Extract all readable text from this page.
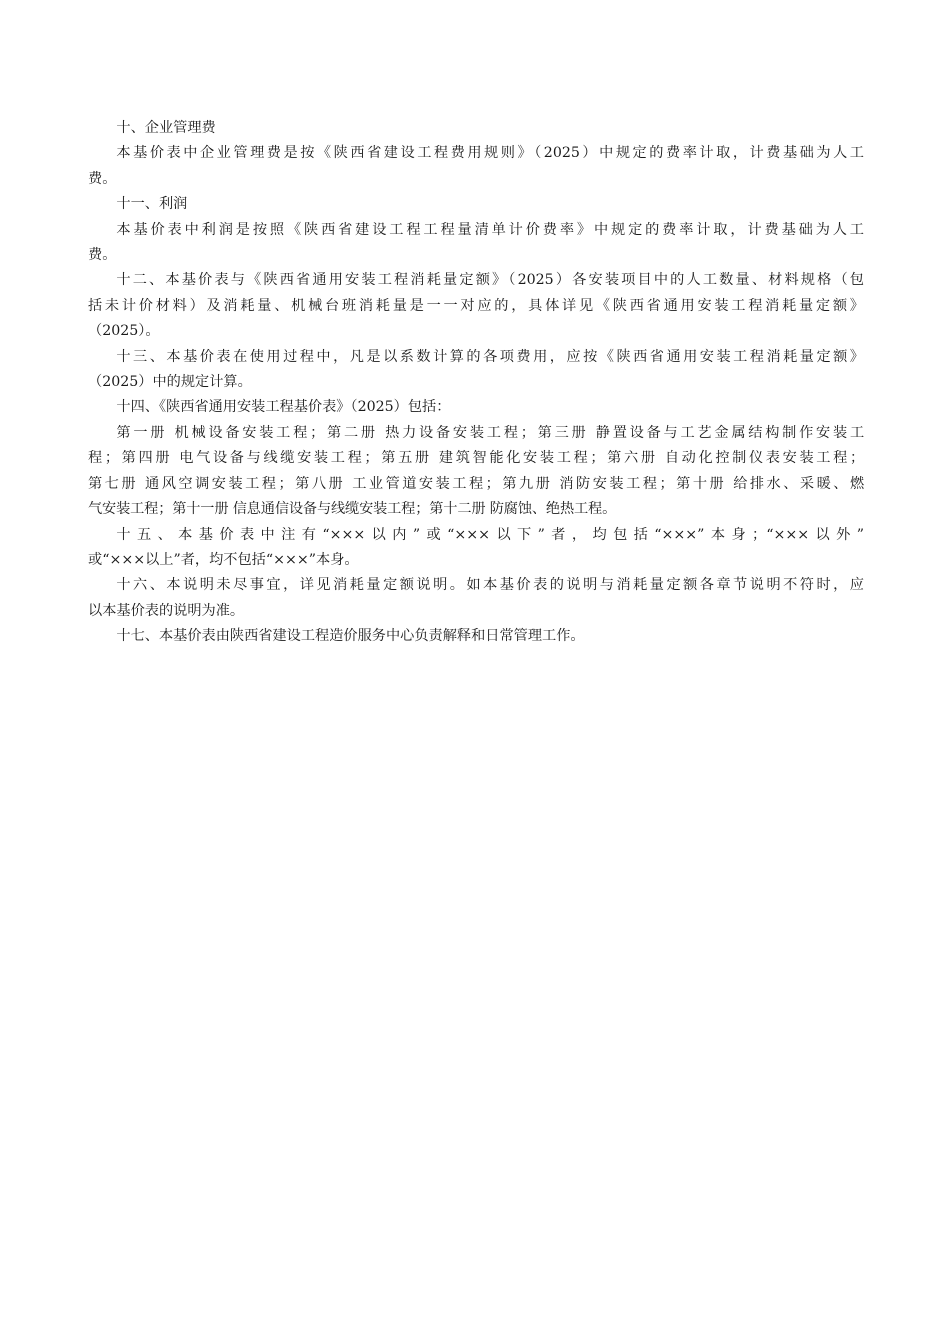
十、企业管理费

本基价表中企业管理费是按《陕西省建设工程费用规则》（2025）中规定的费率计取，计费基础为人工

费。

十一、利润

本基价表中利润是按照《陕西省建设工程工程量清单计价费率》中规定的费率计取，计费基础为人工

费。

十二、本基价表与《陕西省通用安装工程消耗量定额》（2025）各安装项目中的人工数量、材料规格（包

括未计价材料）及消耗量、机械台班消耗量是一一对应的，具体详见《陕西省通用安装工程消耗量定额》

（2025）。

十三、本基价表在使用过程中，凡是以系数计算的各项费用，应按《陕西省通用安装工程消耗量定额》

（2025）中的规定计算。

十四、《陕西省通用安装工程基价表》（2025）包括：

第一册 机械设备安装工程；第二册 热力设备安装工程；第三册 静置设备与工艺金属结构制作安装工

程；第四册 电气设备与线缆安装工程；第五册 建筑智能化安装工程；第六册 自动化控制仪表安装工程；

第七册 通风空调安装工程；第八册 工业管道安装工程；第九册 消防安装工程；第十册 给排水、采暖、燃

气安装工程；第十一册 信息通信设备与线缆安装工程；第十二册 防腐蚀、绝热工程。

十五、本基价表中注有“×××以内”或“×××以下”者，均包括“×××”本身；“×××以外”

或“×××以上”者，均不包括“×××”本身。

十六、本说明未尽事宜，详见消耗量定额说明。如本基价表的说明与消耗量定额各章节说明不符时，应

以本基价表的说明为准。

十七、本基价表由陕西省建设工程造价服务中心负责解释和日常管理工作。
